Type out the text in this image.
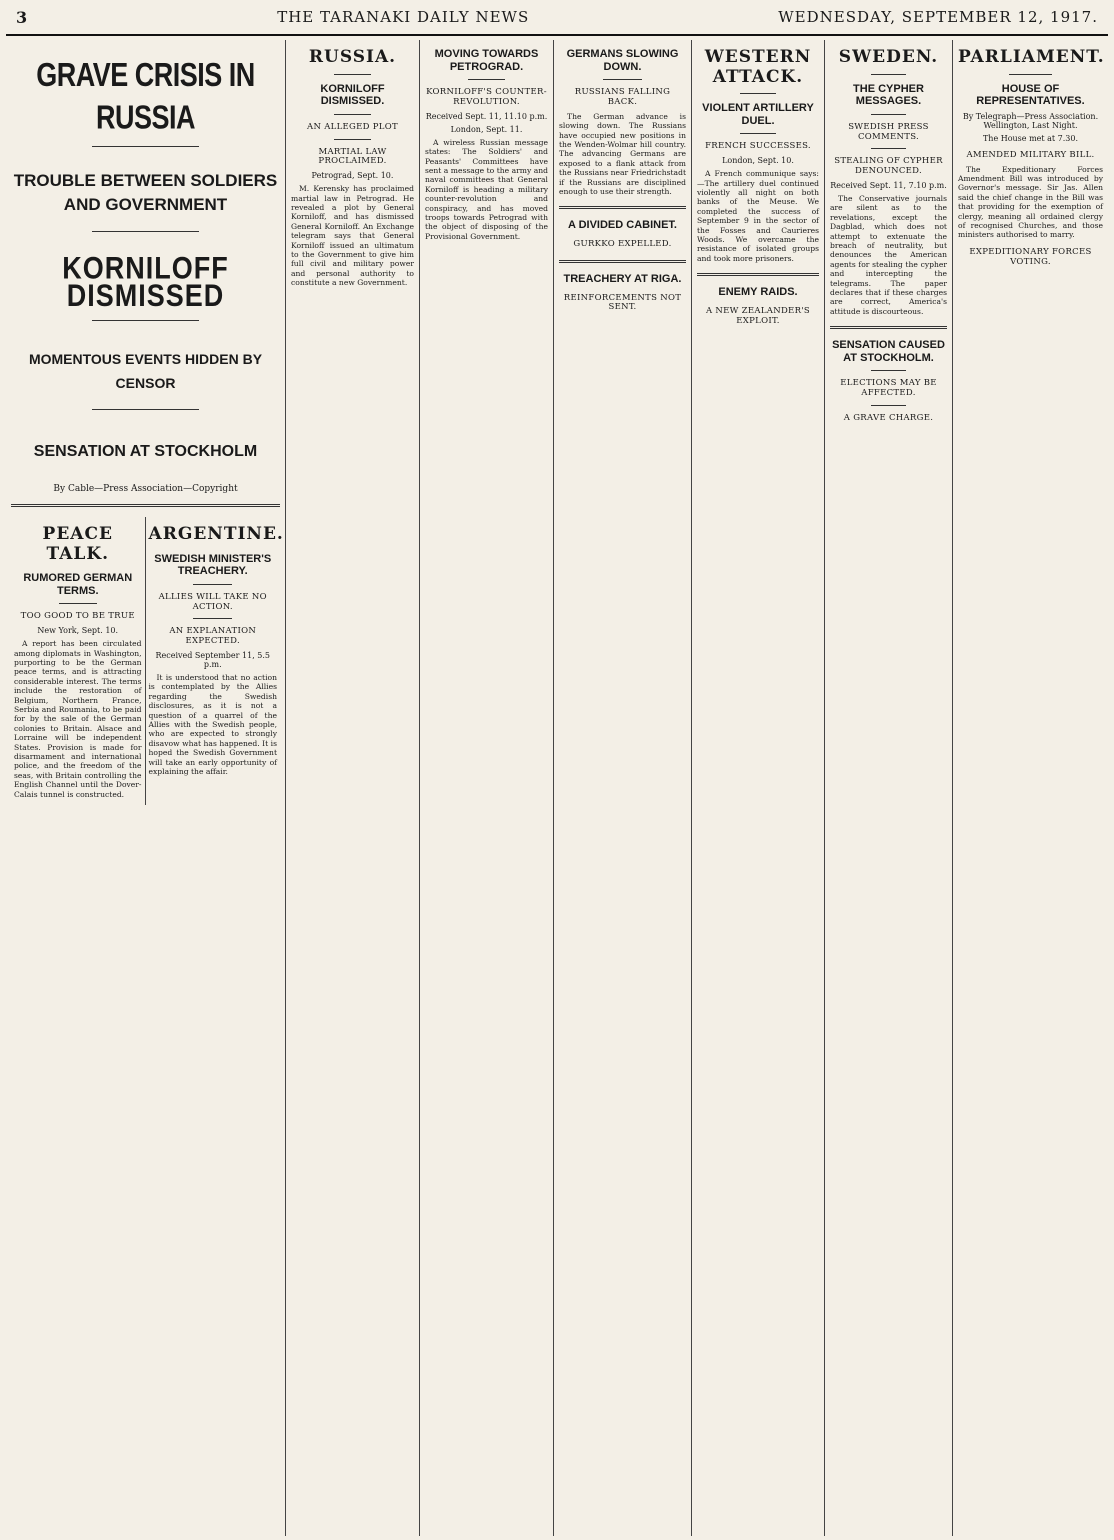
3	THE TARANAKI DAILY NEWS	WEDNESDAY, SEPTEMBER 12, 1917.
GRAVE CRISIS IN RUSSIA
TROUBLE BETWEEN SOLDIERS AND GOVERNMENT
KORNILOFF DISMISSED
MOMENTOUS EVENTS HIDDEN BY CENSOR
SENSATION AT STOCKHOLM
By Cable—Press Association—Copyright
PEACE TALK.
RUMORED GERMAN TERMS.
TOO GOOD TO BE TRUE
New York, Sept. 10.

A report has been circulated among diplomats in Washington, purporting to be the German peace terms, and is attracting considerable interest. The terms include the restoration of Belgium, Northern France, Serbia and Roumania, to be paid for by the sale of the German colonies to Britain. Alsace and Lorraine will be independent States. Provision is made for disarmament and international police, and the freedom of the seas, with Britain controlling the English Channel until the Dover-Calais tunnel is constructed.

ARGENTINE.
SWEDISH MINISTER'S TREACHERY.
ALLIES WILL TAKE NO ACTION.
AN EXPLANATION EXPECTED.
Received September 11, 5.5 p.m.

It is understood that no action is contemplated by the Allies regarding the Swedish disclosures, as it is not a question of a quarrel of the Allies with the Swedish people, who are expected to strongly disavow what has happened. It is hoped the Swedish Government will take an early opportunity of explaining the affair.

RUSSIA.
KORNILOFF DISMISSED.
AN ALLEGED PLOT
MARTIAL LAW PROCLAIMED.
Petrograd, Sept. 10.

M. Kerensky has proclaimed martial law in Petrograd. He revealed a plot by General Korniloff, and has dismissed General Korniloff. An Exchange telegram says that General Korniloff issued an ultimatum to the Government to give him full civil and military power and personal authority to constitute a new Government.

MOVING TOWARDS PETROGRAD.
KORNILOFF'S COUNTER-REVOLUTION.
Received Sept. 11, 11.10 p.m.
London, Sept. 11.

A wireless Russian message states: The Soldiers' and Peasants' Committees have sent a message to the army and naval committees that General Korniloff is heading a military counter-revolution and conspiracy, and has moved troops towards Petrograd with the object of disposing of the Provisional Government.

GERMANS SLOWING DOWN.
RUSSIANS FALLING BACK.

The German advance is slowing down. The Russians have occupied new positions in the Wenden-Wolmar hill country. The advancing Germans are exposed to a flank attack from the Russians near Friedrichstadt if the Russians are disciplined enough to use their strength.

A DIVIDED CABINET.
GURKKO EXPELLED.
TREACHERY AT RIGA.
REINFORCEMENTS NOT SENT.
WESTERN ATTACK.
VIOLENT ARTILLERY DUEL.
FRENCH SUCCESSES.
London, Sept. 10.

A French communique says:—The artillery duel continued violently all night on both banks of the Meuse. We completed the success of September 9 in the sector of the Fosses and Caurieres Woods. We overcame the resistance of isolated groups and took more prisoners.

ENEMY RAIDS.
A NEW ZEALANDER'S EXPLOIT.
SWEDEN.
THE CYPHER MESSAGES.
SWEDISH PRESS COMMENTS.
STEALING OF CYPHER DENOUNCED.
Received Sept. 11, 7.10 p.m.

The Conservative journals are silent as to the revelations, except the Dagblad, which does not attempt to extenuate the breach of neutrality, but denounces the American agents for stealing the cypher and intercepting the telegrams. The paper declares that if these charges are correct, America's attitude is discourteous.

SENSATION CAUSED AT STOCKHOLM.
ELECTIONS MAY BE AFFECTED.
A GRAVE CHARGE.
PARLIAMENT.
HOUSE OF REPRESENTATIVES.
By Telegraph—Press Association. Wellington, Last Night.
The House met at 7.30.
AMENDED MILITARY BILL.

The Expeditionary Forces Amendment Bill was introduced by Governor's message. Sir Jas. Allen said the chief change in the Bill was that providing for the exemption of clergy, meaning all ordained clergy of recognised Churches, and those ministers authorised to marry.

EXPEDITIONARY FORCES VOTING.
